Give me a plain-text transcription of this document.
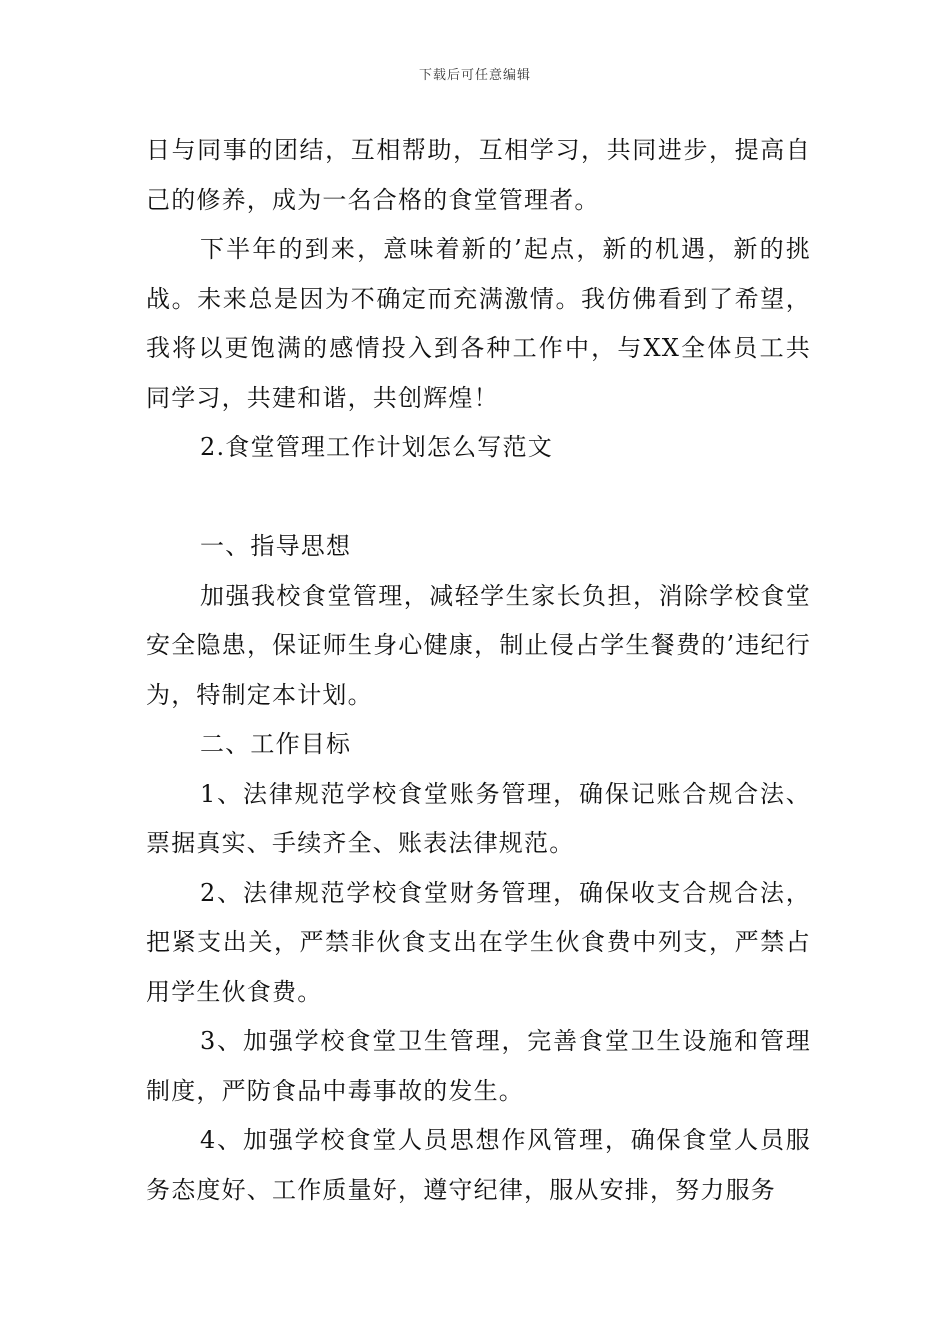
下载后可任意编辑

日与同事的团结，互相帮助，互相学习，共同进步，提高自己的修养，成为一名合格的食堂管理者。

下半年的到来，意味着新的’起点，新的机遇，新的挑战。未来总是因为不确定而充满激情。我仿佛看到了希望，我将以更饱满的感情投入到各种工作中，与XX全体员工共同学习，共建和谐，共创辉煌！

2.食堂管理工作计划怎么写范文

一、指导思想

加强我校食堂管理，减轻学生家长负担，消除学校食堂安全隐患，保证师生身心健康，制止侵占学生餐费的’违纪行为，特制定本计划。

二、工作目标

1、法律规范学校食堂账务管理，确保记账合规合法、票据真实、手续齐全、账表法律规范。

2、法律规范学校食堂财务管理，确保收支合规合法，把紧支出关，严禁非伙食支出在学生伙食费中列支，严禁占用学生伙食费。

3、加强学校食堂卫生管理，完善食堂卫生设施和管理制度，严防食品中毒事故的发生。

4、加强学校食堂人员思想作风管理，确保食堂人员服务态度好、工作质量好，遵守纪律，服从安排，努力服务
